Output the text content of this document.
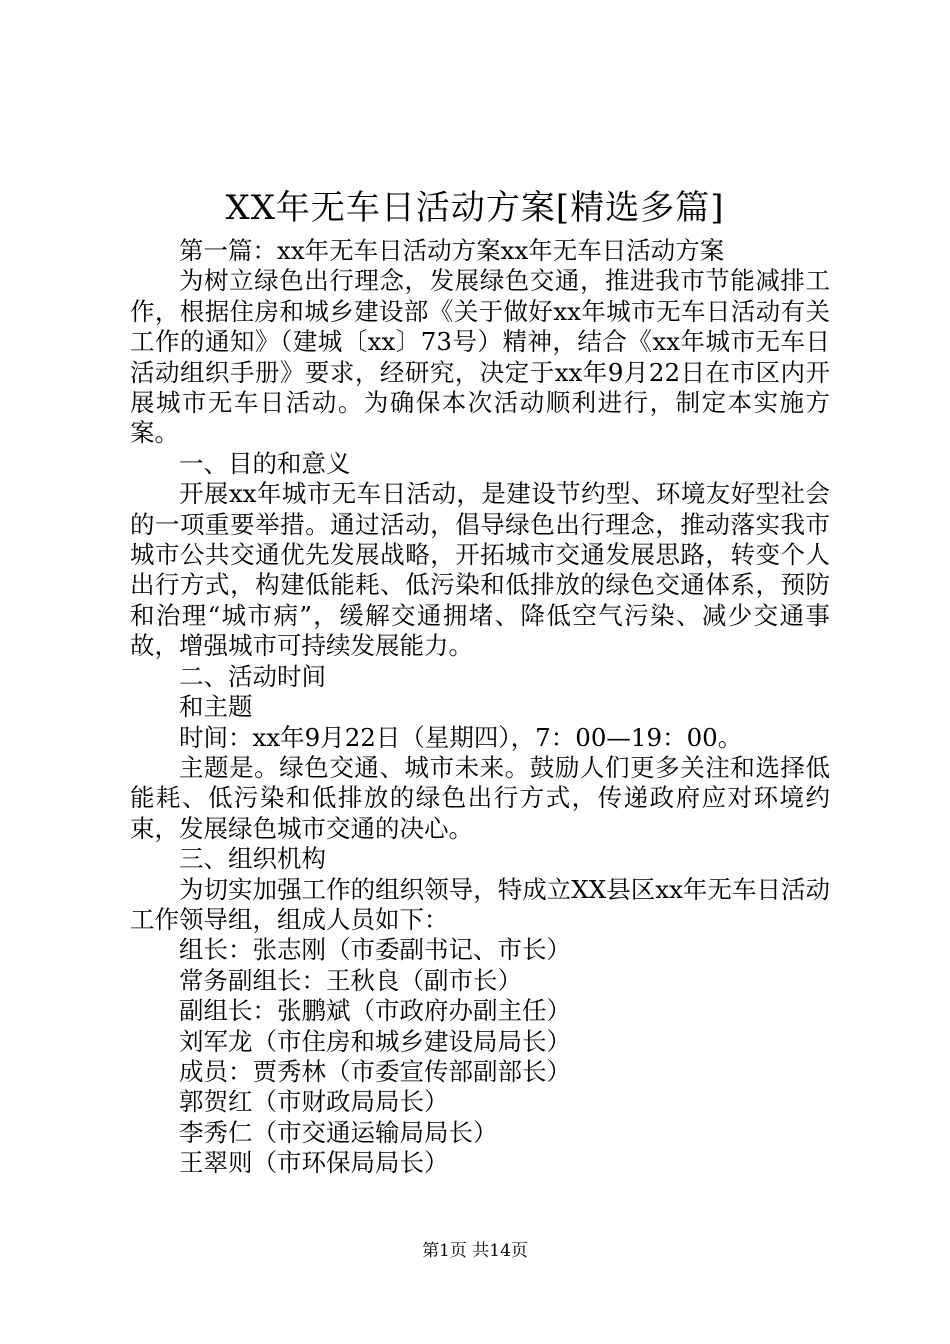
XX年无车日活动方案[精选多篇]

第一篇：xx年无车日活动方案xx年无车日活动方案

为树立绿色出行理念，发展绿色交通，推进我市节能减排工作，根据住房和城乡建设部《关于做好xx年城市无车日活动有关工作的通知》（建城〔xx〕73号）精神，结合《xx年城市无车日活动组织手册》要求，经研究，决定于xx年9月22日在市区内开展城市无车日活动。为确保本次活动顺利进行，制定本实施方案。

一、目的和意义

开展xx年城市无车日活动，是建设节约型、环境友好型社会的一项重要举措。通过活动，倡导绿色出行理念，推动落实我市城市公共交通优先发展战略，开拓城市交通发展思路，转变个人出行方式，构建低能耗、低污染和低排放的绿色交通体系，预防和治理“城市病”，缓解交通拥堵、降低空气污染、减少交通事故，增强城市可持续发展能力。

二、活动时间

和主题

时间：xx年9月22日（星期四），7：00—19：00。

主题是。绿色交通、城市未来。鼓励人们更多关注和选择低能耗、低污染和低排放的绿色出行方式，传递政府应对环境约束，发展绿色城市交通的决心。

三、组织机构

为切实加强工作的组织领导，特成立XX县区xx年无车日活动工作领导组，组成人员如下：

组长：张志刚（市委副书记、市长）

常务副组长：王秋良（副市长）

副组长：张鹏斌（市政府办副主任）

刘军龙（市住房和城乡建设局局长）

成员：贾秀林（市委宣传部副部长）

郭贺红（市财政局局长）

李秀仁（市交通运输局局长）

王翠则（市环保局局长）

第1页 共14页
